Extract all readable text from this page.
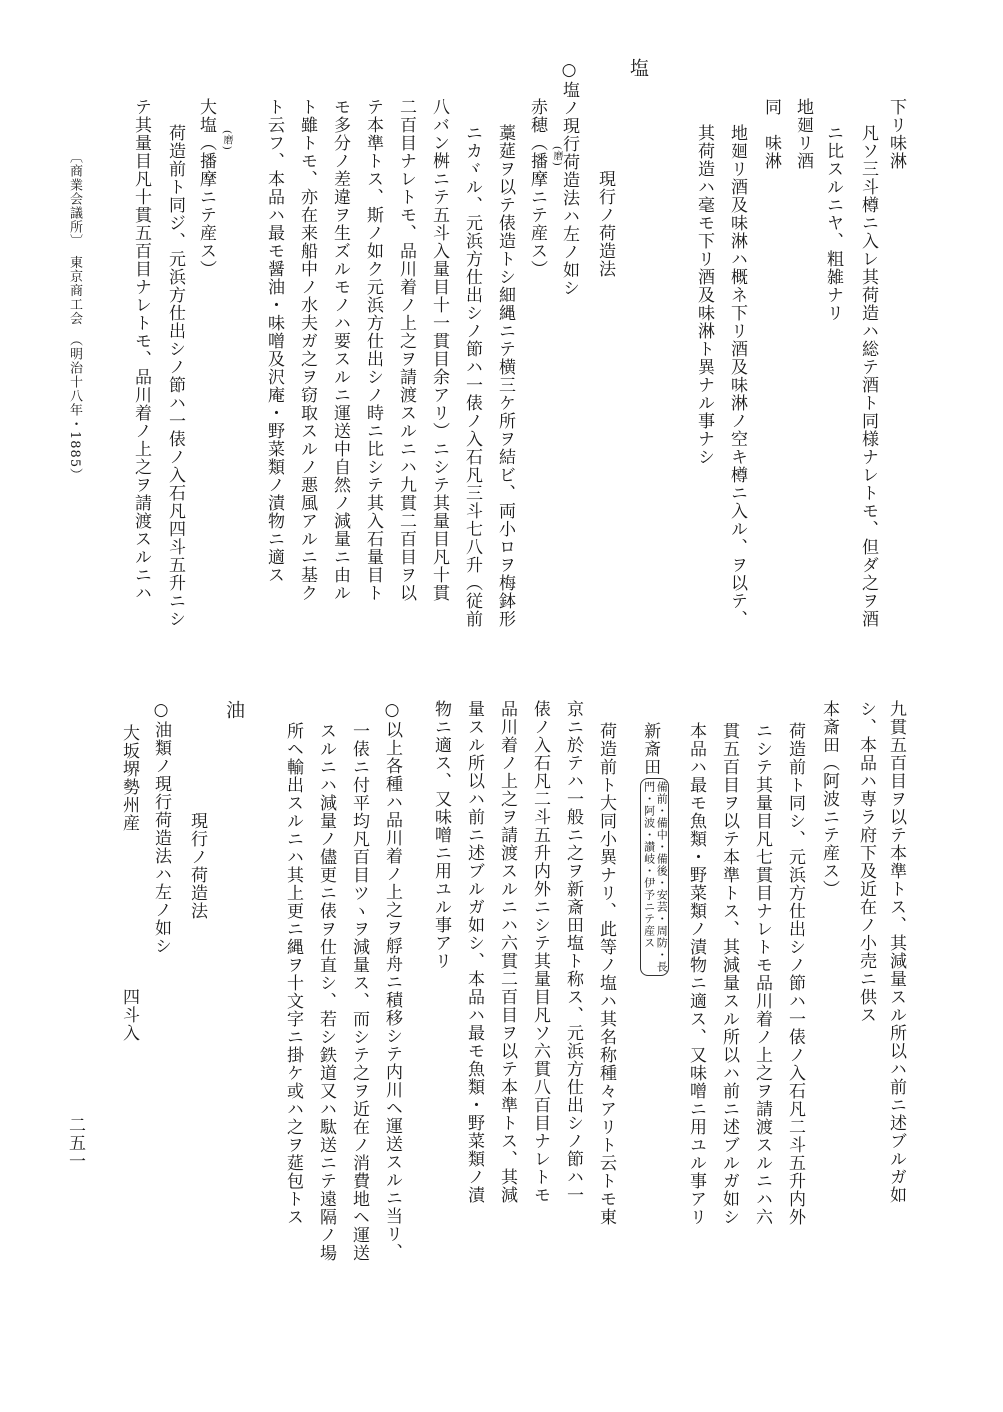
下リ味淋
凡ソ三斗樽ニ入レ其荷造ハ総テ酒ト同様ナレトモ、但ダ之ヲ酒
ニ比スルニヤ、粗雑ナリ
地廻リ酒
同　味淋
地廻リ酒及味淋ハ概ネ下リ酒及味淋ノ空キ樽ニ入ル、ヲ以テ、
其荷造ハ毫モ下リ酒及味淋ト異ナル事ナシ
塩
現行ノ荷造法
○塩ノ現行荷造法ハ左ノ如シ
(磨)
赤穂（播摩ニテ産ス）
藁莚ヲ以テ俵造トシ細縄ニテ横三ケ所ヲ結ビ、両小ロヲ梅鉢形
ニカヾル、元浜方仕出シノ節ハ一俵ノ入石凡三斗七八升（従前
八バン桝ニテ五斗入量目十一貫目余アリ）ニシテ其量目凡十貫
二百目ナレトモ、品川着ノ上之ヲ請渡スルニハ九貫二百目ヲ以
テ本準トス、斯ノ如ク元浜方仕出シノ時ニ比シテ其入石量目ト
モ多分ノ差違ヲ生ズルモノハ要スルニ運送中自然ノ減量ニ由ル
ト雖トモ、亦在来船中ノ水夫ガ之ヲ窃取スルノ悪風アルニ基ク
ト云フ、本品ハ最モ醤油・味噌及沢庵・野菜類ノ漬物ニ適ス
(磨)
大塩（播摩ニテ産ス）
荷造前ト同ジ、元浜方仕出シノ節ハ一俵ノ入石凡四斗五升ニシ
テ其量目凡十貫五百目ナレトモ、品川着ノ上之ヲ請渡スルニハ
〔商業会議所〕　東京商工会　（明治十八年・1885）
九貫五百目ヲ以テ本準トス、其減量スル所以ハ前ニ述ブルガ如
シ、本品ハ専ラ府下及近在ノ小売ニ供ス
本斎田（阿波ニテ産ス）
荷造前ト同シ、元浜方仕出シノ節ハ一俵ノ入石凡二斗五升内外
ニシテ其量目凡七貫目ナレトモ品川着ノ上之ヲ請渡スルニハ六
貫五百目ヲ以テ本準トス、其減量スル所以ハ前ニ述ブルガ如シ
本品ハ最モ魚類・野菜類ノ漬物ニ適ス、又味噌ニ用ユル事アリ
新斎田
備前・備中・備後・安芸・周防・長
門・阿波・讃岐・伊予ニテ産ス
荷造前ト大同小異ナリ、此等ノ塩ハ其名称種々アリト云トモ東
京ニ於テハ一般ニ之ヲ新斎田塩ト称ス、元浜方仕出シノ節ハ一
俵ノ入石凡二斗五升内外ニシテ其量目凡ソ六貫八百目ナレトモ
品川着ノ上之ヲ請渡スルニハ六貫二百目ヲ以テ本準トス、其減
量スル所以ハ前ニ述ブルガ如シ、本品ハ最モ魚類・野菜類ノ漬
物ニ適ス、又味噌ニ用ユル事アリ
○以上各種ハ品川着ノ上之ヲ艀舟ニ積移シテ内川ヘ運送スルニ当リ、
一俵ニ付平均凡百目ツヽヲ減量ス、而シテ之ヲ近在ノ消費地ヘ運送
スルニハ減量ノ儘更ニ俵ヲ仕直シ、若シ鉄道又ハ駄送ニテ遠隔ノ場
所ヘ輸出スルニハ其上更ニ縄ヲ十文字ニ掛ケ或ハ之ヲ莚包トス
油
現行ノ荷造法
○油類ノ現行荷造法ハ左ノ如シ
大坂堺勢州産
四斗入
二五一
